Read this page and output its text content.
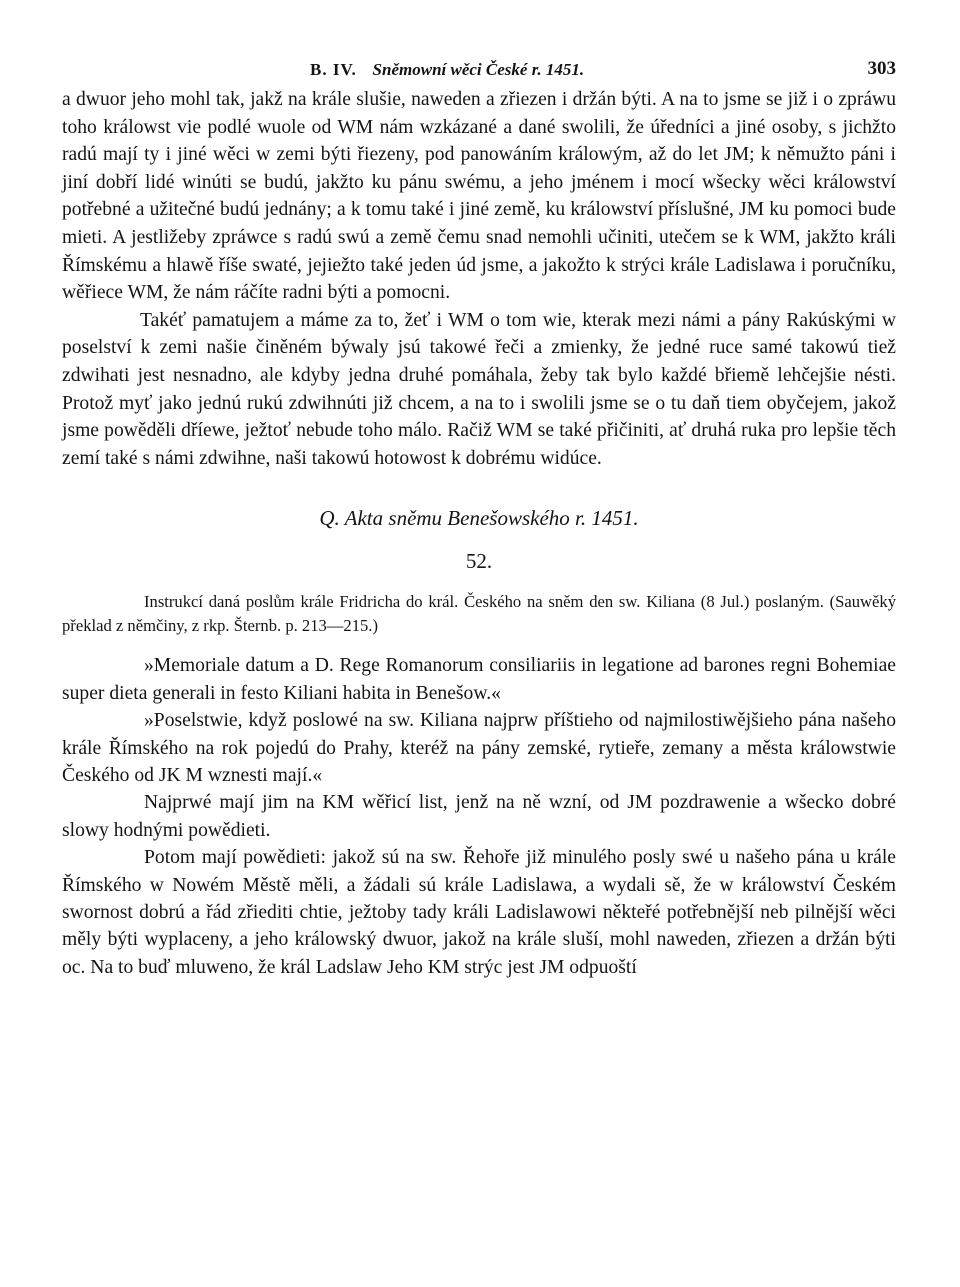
B. IV. Sněmowní wěci České r. 1451.	303

a dwuor jeho mohl tak, jakž na krále slušie, naweden a zřiezen i držán býti. A na to jsme se již i o zpráwu toho králowst vie podlé wuole od WM nám wzkázané a dané swolili, že úředníci a jiné osoby, s jichžto radú mají ty i jiné wěci w zemi býti řiezeny, pod panowáním králowým, až do let JM; k němužto páni i jiní dobří lidé winúti se budú, jakžto ku pánu swému, a jeho jménem i mocí wšecky wěci králowství potřebné a užitečné budú jednány; a k tomu také i jiné země, ku králowství příslušné, JM ku pomoci bude mieti. A jestližeby zpráwce s radú swú a země čemu snad nemohli učiniti, utečem se k WM, jakžto králi Římskému a hlawě říše swaté, jejiežto také jeden úd jsme, a jakožto k strýci krále Ladislawa i poručníku, wěřiece WM, že nám ráčíte radni býti a pomocni.

Takéť pamatujem a máme za to, žeť i WM o tom wie, kterak mezi námi a pány Rakúskými w poselství k zemi našie činěném býwaly jsú takowé řeči a zmienky, že jedné ruce samé takowú tiež zdwihati jest nesnadno, ale kdyby jedna druhé pomáhala, žeby tak bylo každé břiemě lehčejšie nésti. Protož myť jako jednú rukú zdwihnúti již chcem, a na to i swolili jsme se o tu daň tiem obyčejem, jakož jsme powěděli dříewe, ježtoť nebude toho málo. Račiž WM se také přičiniti, ať druhá ruka pro lepšie těch zemí také s námi zdwihne, naši takowú hotowost k dobrému widúce.

Q. Akta sněmu Benešowského r. 1451.
52.

Instrukcí daná poslům krále Fridricha do král. Českého na sněm den sw. Kiliana (8 Jul.) poslaným. (Sauwěký překlad z němčiny, z rkp. Šternb. p. 213—215.)

»Memoriale datum a D. Rege Romanorum consiliariis in legatione ad barones regni Bohemiae super dieta generali in festo Kiliani habita in Benešow.«

»Poselstwie, když poslowé na sw. Kiliana najprw příštieho od najmilostiwějšieho pána našeho krále Římského na rok pojedú do Prahy, kteréž na pány zemské, rytieře, zemany a města králowstwie Českého od JK M wznesti mají.«

Najprwé mají jim na KM wěřicí list, jenž na ně wzní, od JM pozdrawenie a wšecko dobré slowy hodnými powědieti.

Potom mají powědieti: jakož sú na sw. Řehoře již minulého posly swé u našeho pána u krále Římského w Nowém Městě měli, a žádali sú krále Ladislawa, a wydali sě, že w králowství Českém swornost dobrú a řád zřiediti chtie, ježtoby tady králi Ladislawowi někteřé potřebnější neb pilnější wěci měly býti wyplaceny, a jeho králowský dwuor, jakož na krále sluší, mohl naweden, zřiezen a držán býti oc. Na to buď mluweno, že král Ladslaw Jeho KM strýc jest JM odpuoští
